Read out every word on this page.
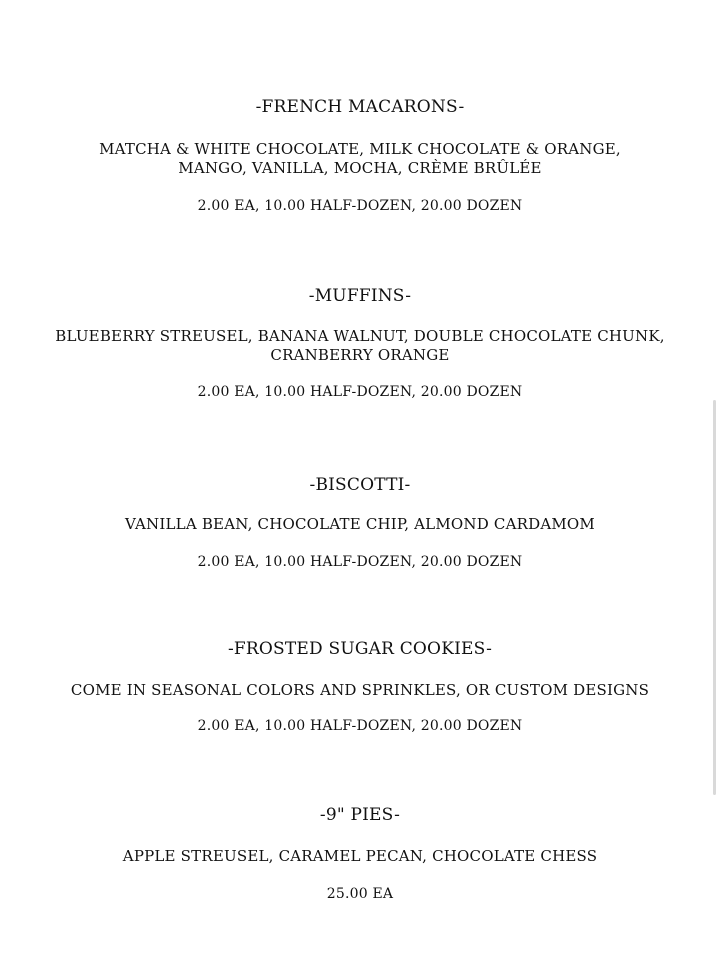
-FRENCH MACARONS-
MATCHA & WHITE CHOCOLATE, MILK CHOCOLATE & ORANGE,
MANGO, VANILLA, MOCHA, CRÈME BRÛLÉE
2.00 EA, 10.00 HALF-DOZEN, 20.00 DOZEN
-MUFFINS-
BLUEBERRY STREUSEL, BANANA WALNUT, DOUBLE CHOCOLATE CHUNK,
CRANBERRY ORANGE
2.00 EA, 10.00 HALF-DOZEN, 20.00 DOZEN
-BISCOTTI-
VANILLA BEAN, CHOCOLATE CHIP, ALMOND CARDAMOM
2.00 EA, 10.00 HALF-DOZEN, 20.00 DOZEN
-FROSTED SUGAR COOKIES-
COME IN SEASONAL COLORS AND SPRINKLES, OR CUSTOM DESIGNS
2.00 EA, 10.00 HALF-DOZEN, 20.00 DOZEN
-9" PIES-
APPLE STREUSEL, CARAMEL PECAN, CHOCOLATE CHESS
25.00 EA
